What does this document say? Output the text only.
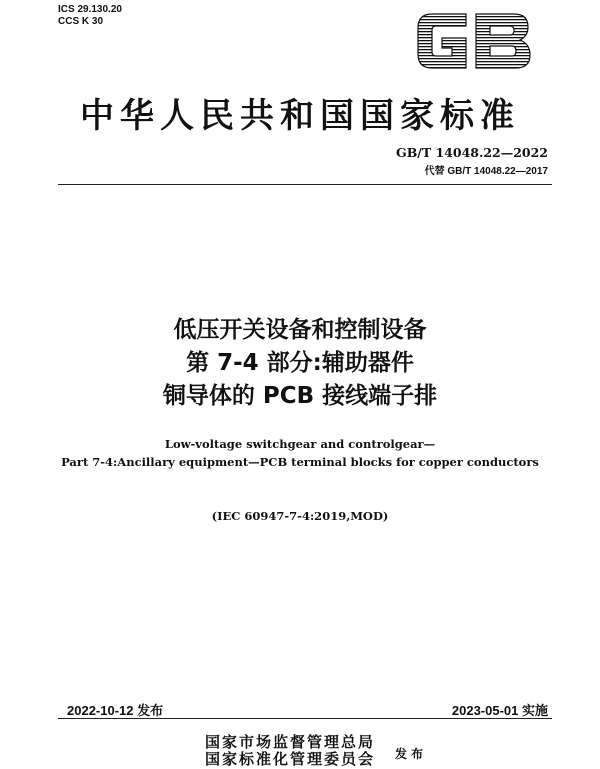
ICS 29.130.20
CCS K 30
中华人民共和国国家标准
GB/T 14048.22—2022
代替 GB/T 14048.22—2017
低压开关设备和控制设备
第 7-4 部分:辅助器件
铜导体的 PCB 接线端子排
Low-voltage switchgear and controlgear—
Part 7-4:Ancillary equipment—PCB terminal blocks for copper conductors
(IEC 60947-7-4:2019,MOD)
2022-10-12 发布	2023-05-01 实施
国家市场监督管理总局
国家标准化管理委员会 发布
